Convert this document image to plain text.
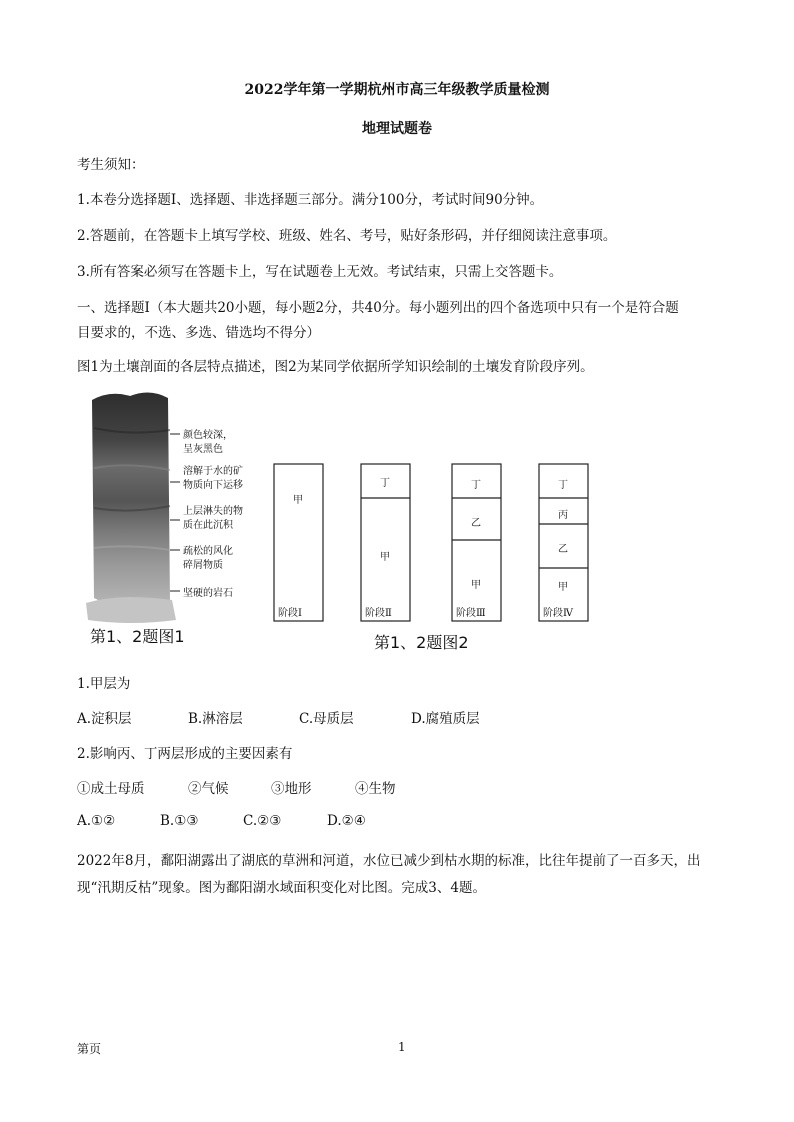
2022学年第一学期杭州市高三年级教学质量检测
地理试题卷
考生须知：
1.本卷分选择题Ⅰ、选择题、非选择题三部分。满分100分，考试时间90分钟。
2.答题前，在答题卡上填写学校、班级、姓名、考号，贴好条形码，并仔细阅读注意事项。
3.所有答案必须写在答题卡上，写在试题卷上无效。考试结束，只需上交答题卡。
一、选择题Ⅰ（本大题共20小题，每小题2分，共40分。每小题列出的四个备选项中只有一个是符合题
目要求的，不选、多选、错选均不得分）
图1为土壤剖面的各层特点描述，图2为某同学依据所学知识绘制的土壤发育阶段序列。
颜色较深，
呈灰黑色
溶解于水的矿
物质向下运移
上层淋失的物
质在此沉积
疏松的风化
碎屑物质
坚硬的岩石
第1、2题图1
甲
阶段Ⅰ
丁
甲
阶段Ⅱ
丁
乙
甲
阶段Ⅲ
丁
丙
乙
甲
阶段Ⅳ
第1、2题图2
1.甲层为
A.淀积层	B.淋溶层	C.母质层	D.腐殖质层
2.影响丙、丁两层形成的主要因素有
①成土母质	②气候	③地形	④生物
A.①②	B.①③	C.②③	D.②④
2022年8月，鄱阳湖露出了湖底的草洲和河道，水位已减少到枯水期的标准，比往年提前了一百多天，出
现“汛期反枯”现象。图为鄱阳湖水域面积变化对比图。完成3、4题。
第页	1
